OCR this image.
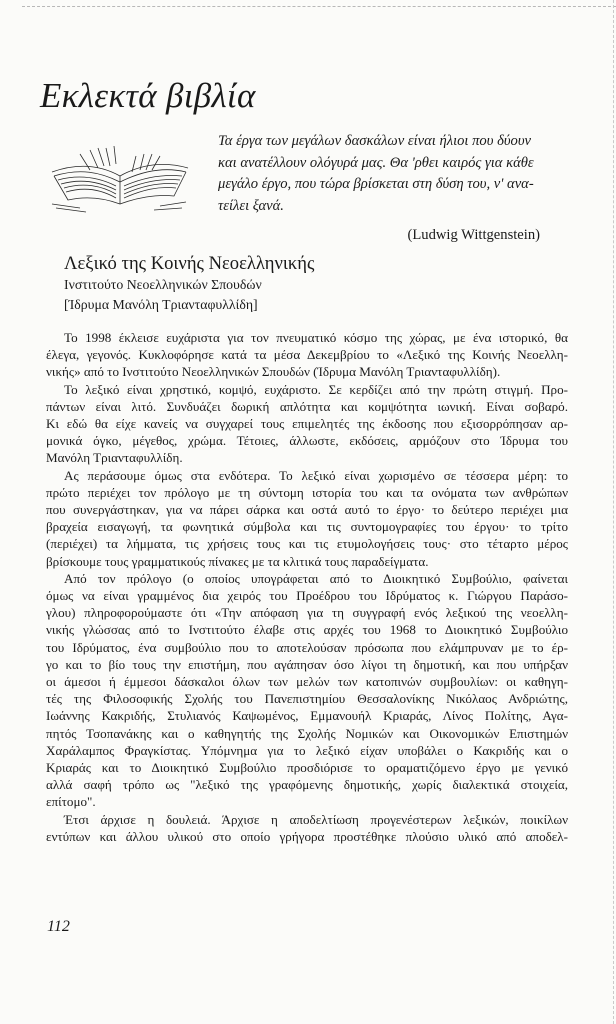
Εκλεκτά βιβλία
Τα έργα των μεγάλων δασκάλων είναι ήλιοι που δύουν
και ανατέλλουν ολόγυρά μας. Θα 'ρθει καιρός για κάθε
μεγάλο έργο, που τώρα βρίσκεται στη δύση του, ν' ανα-
τείλει ξανά.
(Ludwig Wittgenstein)
Λεξικό της Κοινής Νεοελληνικής
Ινστιτούτο Νεοελληνικών Σπουδών
[Ίδρυμα Μανόλη Τριανταφυλλίδη]
Το 1998 έκλεισε ευχάριστα για τον πνευματικό κόσμο της χώρας, με ένα ιστορικό, θα
έλεγα, γεγονός. Κυκλοφόρησε κατά τα μέσα Δεκεμβρίου το «Λεξικό της Κοινής Νεοελλη-
νικής» από το Ινστιτούτο Νεοελληνικών Σπουδών (Ίδρυμα Μανόλη Τριανταφυλλίδη).
Το λεξικό είναι χρηστικό, κομψό, ευχάριστο. Σε κερδίζει από την πρώτη στιγμή. Προ-
πάντων είναι λιτό. Συνδυάζει δωρική απλότητα και κομψότητα ιωνική. Είναι σοβαρό.
Κι εδώ θα είχε κανείς να συγχαρεί τους επιμελητές της έκδοσης που εξισορρόπησαν αρ-
μονικά όγκο, μέγεθος, χρώμα. Τέτοιες, άλλωστε, εκδόσεις, αρμόζουν στο Ίδρυμα του
Μανόλη Τριανταφυλλίδη.
Ας περάσουμε όμως στα ενδότερα. Το λεξικό είναι χωρισμένο σε τέσσερα μέρη: το
πρώτο περιέχει τον πρόλογο με τη σύντομη ιστορία του και τα ονόματα των ανθρώπων
που συνεργάστηκαν, για να πάρει σάρκα και οστά αυτό το έργο· το δεύτερο περιέχει μια
βραχεία εισαγωγή, τα φωνητικά σύμβολα και τις συντομογραφίες του έργου· το τρίτο
(περιέχει) τα λήμματα, τις χρήσεις τους και τις ετυμολογήσεις τους· στο τέταρτο μέρος
βρίσκουμε τους γραμματικούς πίνακες με τα κλιτικά τους παραδείγματα.
Από τον πρόλογο (ο οποίος υπογράφεται από το Διοικητικό Συμβούλιο, φαίνεται
όμως να είναι γραμμένος δια χειρός του Προέδρου του Ιδρύματος κ. Γιώργου Παράσο-
γλου) πληροφορούμαστε ότι «Την απόφαση για τη συγγραφή ενός λεξικού της νεοελλη-
νικής γλώσσας από το Ινστιτούτο έλαβε στις αρχές του 1968 το Διοικητικό Συμβούλιο
του Ιδρύματος, ένα συμβούλιο που το αποτελούσαν πρόσωπα που ελάμπρυναν με το έρ-
γο και το βίο τους την επιστήμη, που αγάπησαν όσο λίγοι τη δημοτική, και που υπήρξαν
οι άμεσοι ή έμμεσοι δάσκαλοι όλων των μελών των κατοπινών συμβουλίων: οι καθηγη-
τές της Φιλοσοφικής Σχολής του Πανεπιστημίου Θεσσαλονίκης Νικόλαος Ανδριώτης,
Ιωάννης Κακριδής, Στυλιανός Καψωμένος, Εμμανουήλ Κριαράς, Λίνος Πολίτης, Αγα-
πητός Τσοπανάκης και ο καθηγητής της Σχολής Νομικών και Οικονομικών Επιστημών
Χαράλαμπος Φραγκίστας. Υπόμνημα για το λεξικό είχαν υποβάλει ο Κακριδής και ο
Κριαράς και το Διοικητικό Συμβούλιο προσδιόρισε το οραματιζόμενο έργο με γενικό
αλλά σαφή τρόπο ως "λεξικό της γραφόμενης δημοτικής, χωρίς διαλεκτικά στοιχεία,
επίτομο".
Έτσι άρχισε η δουλειά. Άρχισε η αποδελτίωση προγενέστερων λεξικών, ποικίλων
εντύπων και άλλου υλικού στο οποίο γρήγορα προστέθηκε πλούσιο υλικό από αποδελ-
112
